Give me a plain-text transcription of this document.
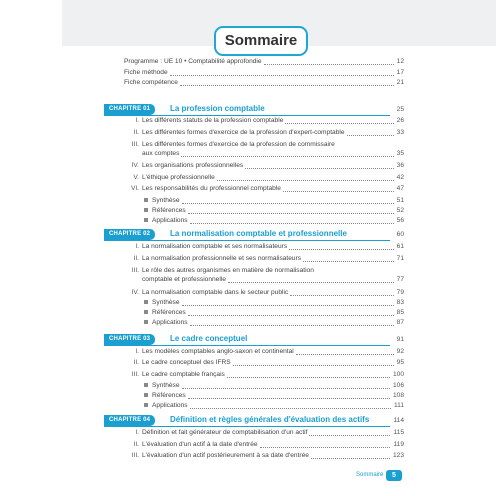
Sommaire
Programme : UE 10 • Comptabilité approfondie	12
Fiche méthode	17
Fiche compétence	21
CHAPITRE 01	La profession comptable	25
I. Les différents statuts de la profession comptable	26
II. Les différentes formes d'exercice de la profession d'expert-comptable	33
III. Les différentes formes d'exercice de la profession de commissaire
aux comptes	35
IV. Les organisations professionnelles	36
V. L'éthique professionnelle	42
VI. Les responsabilités du professionnel comptable	47
Synthèse	51
Références	52
Applications	56
CHAPITRE 02	La normalisation comptable et professionnelle	60
I. La normalisation comptable et ses normalisateurs	61
II. La normalisation professionnelle et ses normalisateurs	71
III. Le rôle des autres organismes en matière de normalisation
comptable et professionnelle	77
IV. La normalisation comptable dans le secteur public	79
Synthèse	83
Références	85
Applications	87
CHAPITRE 03	Le cadre conceptuel	91
I. Les modèles comptables anglo-saxon et continental	92
II. Le cadre conceptuel des IFRS	95
III. Le cadre comptable français	100
Synthèse	106
Références	108
Applications	111
CHAPITRE 04	Définition et règles générales d'évaluation des actifs	114
I. Définition et fait générateur de comptabilisation d'un actif	115
II. L'évaluation d'un actif à la date d'entrée	119
III. L'évaluation d'un actif postérieurement à sa date d'entrée	123
Sommaire	5
